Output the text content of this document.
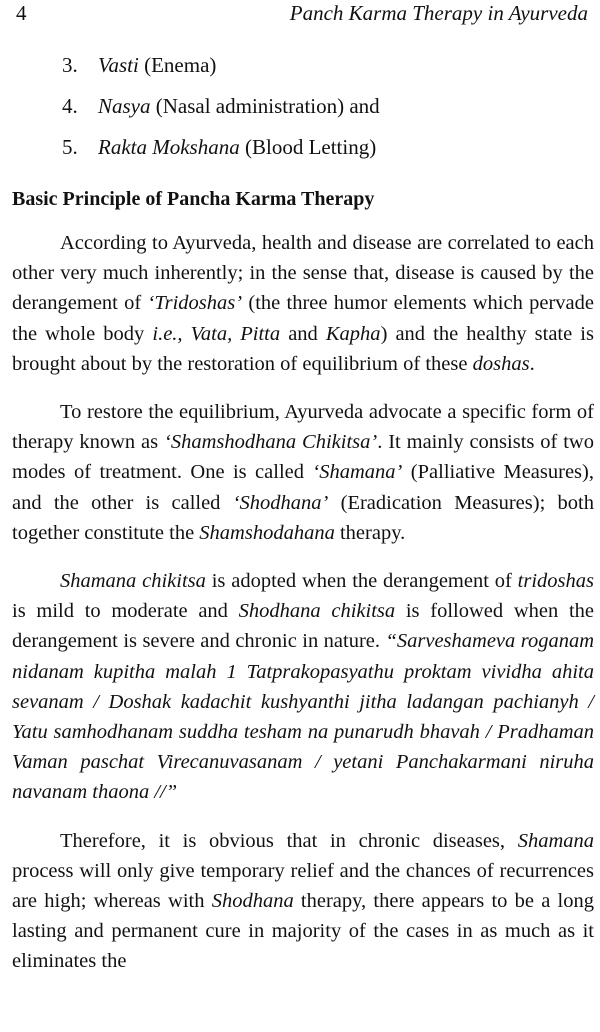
4	Panch Karma Therapy in Ayurveda
3. Vasti (Enema)
4. Nasya (Nasal administration) and
5. Rakta Mokshana (Blood Letting)
Basic Principle of Pancha Karma Therapy

According to Ayurveda, health and disease are correlated to each other very much inherently; in the sense that, disease is caused by the derangement of ‘Tridoshas’ (the three humor elements which pervade the whole body i.e., Vata, Pitta and Kapha) and the healthy state is brought about by the restoration of equilibrium of these doshas.

To restore the equilibrium, Ayurveda advocate a specific form of therapy known as ‘Shamshodhana Chikitsa’. It mainly consists of two modes of treatment. One is called ‘Shamana’ (Palliative Measures), and the other is called ‘Shodhana’ (Eradication Measures); both together constitute the Shamshodahana therapy.

Shamana chikitsa is adopted when the derangement of tridoshas is mild to moderate and Shodhana chikitsa is followed when the derangement is severe and chronic in nature. “Sarveshameva roganam nidanam kupitha malah 1 Tatprakopasyathu proktam vividha ahita sevanam / Doshak kadachit kushyanthi jitha ladangan pachianyh / Yatu samhodhanam suddha tesham na punarudh bhavah / Pradhaman Vaman paschat Virecanuvasanam / yetani Panchakarmani niruha navanam thaona //”

Therefore, it is obvious that in chronic diseases, Shamana process will only give temporary relief and the chances of recurrences are high; whereas with Shodhana therapy, there appears to be a long lasting and permanent cure in majority of the cases in as much as it eliminates the
